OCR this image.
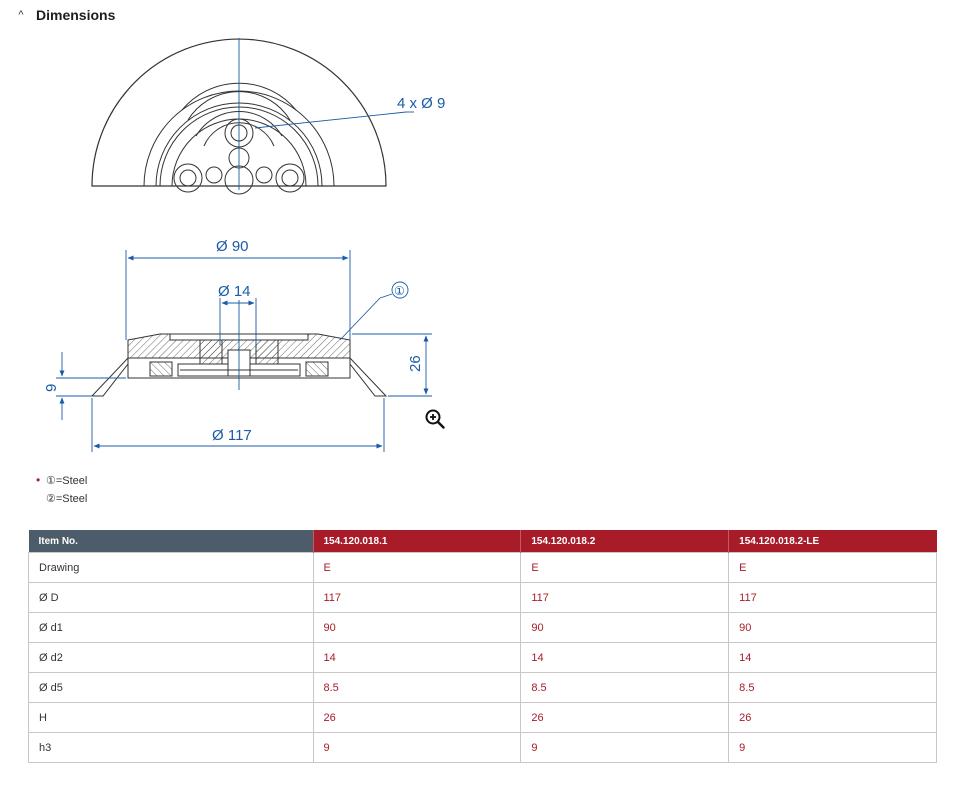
^ Dimensions
4 x Ø 9
Ø 90
Ø 14
Ø 117
26
9
①
• ①=Steel
②=Steel
Item No.	154.120.018.1	154.120.018.2	154.120.018.2-LE
Drawing	E	E	E
Ø D	117	117	117
Ø d1	90	90	90
Ø d2	14	14	14
Ø d5	8.5	8.5	8.5
H	26	26	26
h3	9	9	9
